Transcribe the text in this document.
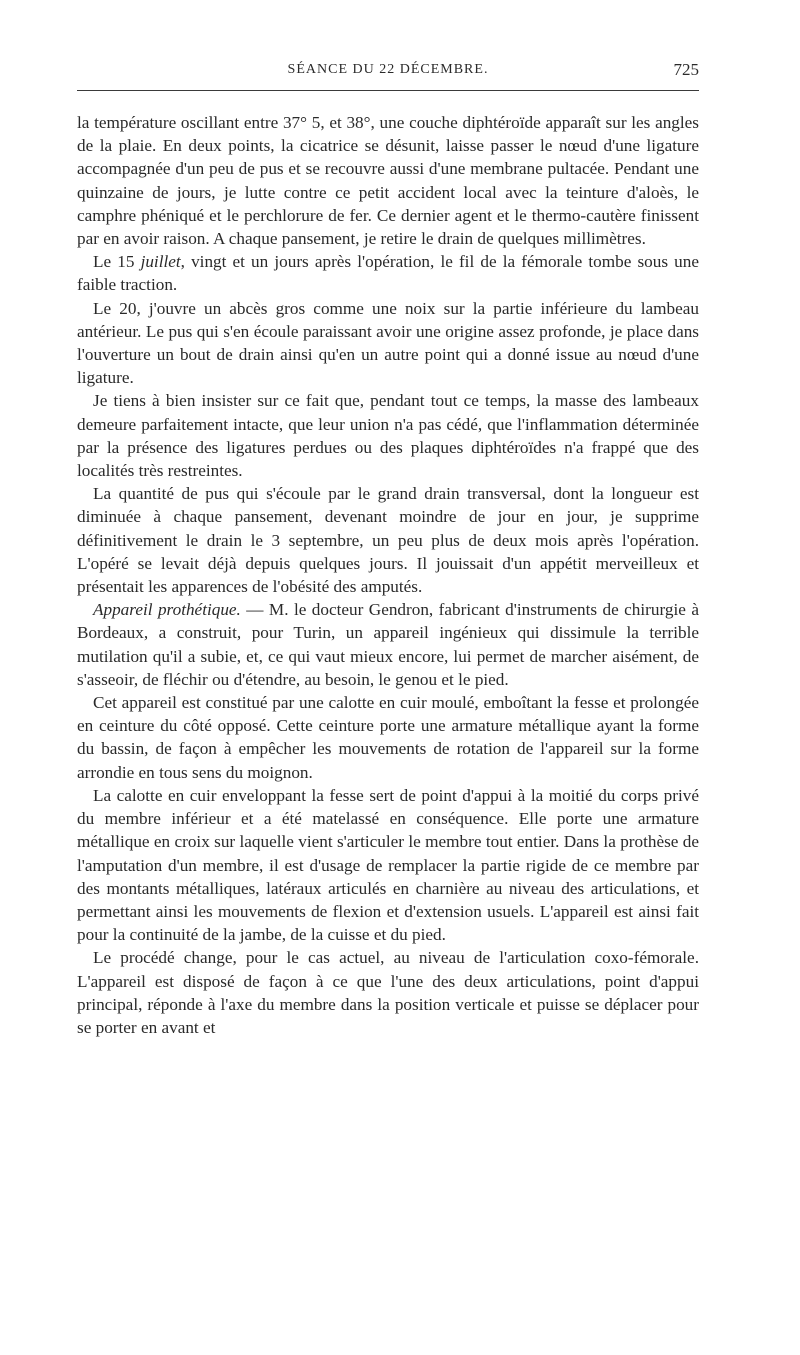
SÉANCE DU 22 DÉCEMBRE.	725

la température oscillant entre 37° 5, et 38°, une couche diphtéroïde apparaît sur les angles de la plaie. En deux points, la cicatrice se désunit, laisse passer le nœud d'une ligature accompagnée d'un peu de pus et se recouvre aussi d'une membrane pultacée. Pendant une quinzaine de jours, je lutte contre ce petit accident local avec la teinture d'aloès, le camphre phéniqué et le perchlorure de fer. Ce dernier agent et le thermo-cautère finissent par en avoir raison. A chaque pansement, je retire le drain de quelques millimètres.

Le 15 juillet, vingt et un jours après l'opération, le fil de la fémorale tombe sous une faible traction.

Le 20, j'ouvre un abcès gros comme une noix sur la partie inférieure du lambeau antérieur. Le pus qui s'en écoule paraissant avoir une origine assez profonde, je place dans l'ouverture un bout de drain ainsi qu'en un autre point qui a donné issue au nœud d'une ligature.

Je tiens à bien insister sur ce fait que, pendant tout ce temps, la masse des lambeaux demeure parfaitement intacte, que leur union n'a pas cédé, que l'inflammation déterminée par la présence des ligatures perdues ou des plaques diphtéroïdes n'a frappé que des localités très restreintes.

La quantité de pus qui s'écoule par le grand drain transversal, dont la longueur est diminuée à chaque pansement, devenant moindre de jour en jour, je supprime définitivement le drain le 3 septembre, un peu plus de deux mois après l'opération. L'opéré se levait déjà depuis quelques jours. Il jouissait d'un appétit merveilleux et présentait les apparences de l'obésité des amputés.

Appareil prothétique. — M. le docteur Gendron, fabricant d'instruments de chirurgie à Bordeaux, a construit, pour Turin, un appareil ingénieux qui dissimule la terrible mutilation qu'il a subie, et, ce qui vaut mieux encore, lui permet de marcher aisément, de s'asseoir, de fléchir ou d'étendre, au besoin, le genou et le pied.

Cet appareil est constitué par une calotte en cuir moulé, emboîtant la fesse et prolongée en ceinture du côté opposé. Cette ceinture porte une armature métallique ayant la forme du bassin, de façon à empêcher les mouvements de rotation de l'appareil sur la forme arrondie en tous sens du moignon.

La calotte en cuir enveloppant la fesse sert de point d'appui à la moitié du corps privé du membre inférieur et a été matelassé en conséquence. Elle porte une armature métallique en croix sur laquelle vient s'articuler le membre tout entier. Dans la prothèse de l'amputation d'un membre, il est d'usage de remplacer la partie rigide de ce membre par des montants métalliques, latéraux articulés en charnière au niveau des articulations, et permettant ainsi les mouvements de flexion et d'extension usuels. L'appareil est ainsi fait pour la continuité de la jambe, de la cuisse et du pied.

Le procédé change, pour le cas actuel, au niveau de l'articulation coxo-fémorale. L'appareil est disposé de façon à ce que l'une des deux articulations, point d'appui principal, réponde à l'axe du membre dans la position verticale et puisse se déplacer pour se porter en avant et
